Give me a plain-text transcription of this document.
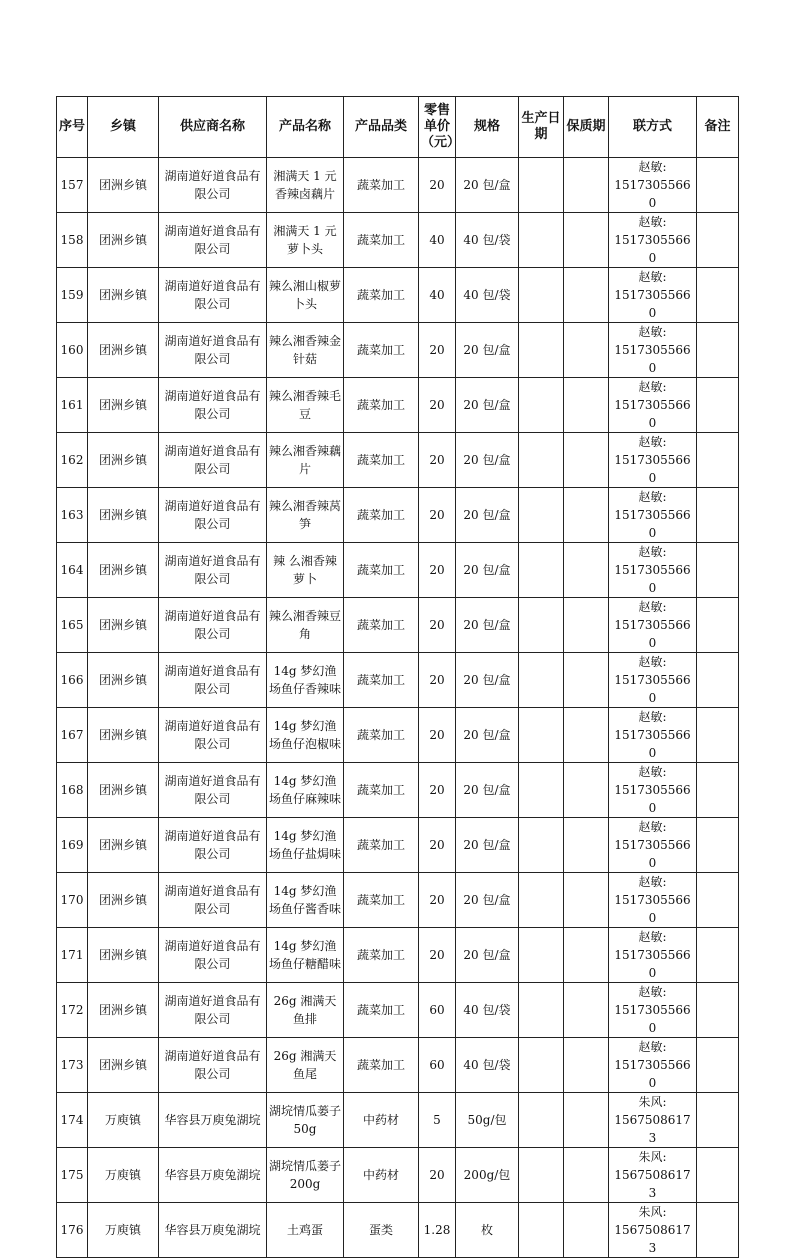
序号	乡镇	供应商名称	产品名称	产品品类	零售单价（元）	规格	生产日期	保质期	联方式	备注
157	团洲乡镇	湖南道好道食品有限公司	湘满天 1 元香辣卤藕片	蔬菜加工	20	20 包/盒			赵敏:
15173055660	

158	团洲乡镇	湖南道好道食品有限公司	湘满天 1 元萝卜头	蔬菜加工	40	40 包/袋			赵敏:
15173055660	

159	团洲乡镇	湖南道好道食品有限公司	辣么湘山椒萝卜头	蔬菜加工	40	40 包/袋			赵敏:
15173055660	

160	团洲乡镇	湖南道好道食品有限公司	辣么湘香辣金针菇	蔬菜加工	20	20 包/盒			赵敏:
15173055660	

161	团洲乡镇	湖南道好道食品有限公司	辣么湘香辣毛豆	蔬菜加工	20	20 包/盒			赵敏:
15173055660	

162	团洲乡镇	湖南道好道食品有限公司	辣么湘香辣藕片	蔬菜加工	20	20 包/盒			赵敏:
15173055660	

163	团洲乡镇	湖南道好道食品有限公司	辣么湘香辣莴笋	蔬菜加工	20	20 包/盒			赵敏:
15173055660	

164	团洲乡镇	湖南道好道食品有限公司	辣 么湘香辣萝卜	蔬菜加工	20	20 包/盒			赵敏:
15173055660	

165	团洲乡镇	湖南道好道食品有限公司	辣么湘香辣豆角	蔬菜加工	20	20 包/盒			赵敏:
15173055660	

166	团洲乡镇	湖南道好道食品有限公司	14g 梦幻渔场鱼仔香辣味	蔬菜加工	20	20 包/盒			赵敏:
15173055660	

167	团洲乡镇	湖南道好道食品有限公司	14g 梦幻渔场鱼仔泡椒味	蔬菜加工	20	20 包/盒			赵敏:
15173055660	

168	团洲乡镇	湖南道好道食品有限公司	14g 梦幻渔场鱼仔麻辣味	蔬菜加工	20	20 包/盒			赵敏:
15173055660	

169	团洲乡镇	湖南道好道食品有限公司	14g 梦幻渔场鱼仔盐焗味	蔬菜加工	20	20 包/盒			赵敏:
15173055660	

170	团洲乡镇	湖南道好道食品有限公司	14g 梦幻渔场鱼仔酱香味	蔬菜加工	20	20 包/盒			赵敏:
15173055660	

171	团洲乡镇	湖南道好道食品有限公司	14g 梦幻渔场鱼仔糖醋味	蔬菜加工	20	20 包/盒			赵敏:
15173055660	

172	团洲乡镇	湖南道好道食品有限公司	26g 湘满天鱼排	蔬菜加工	60	40 包/袋			赵敏:
15173055660	

173	团洲乡镇	湖南道好道食品有限公司	26g 湘满天鱼尾	蔬菜加工	60	40 包/袋			赵敏:
15173055660	

174	万庾镇	华容县万庾兔湖垸	湖垸情瓜蒌子 50g	中药材	5	50g/包			朱风:
15675086173	

175	万庾镇	华容县万庾兔湖垸	湖垸情瓜蒌子 200g	中药材	20	200g/包			朱风:
15675086173	

176	万庾镇	华容县万庾兔湖垸	土鸡蛋	蛋类	1.28	枚			朱风:
15675086173	
